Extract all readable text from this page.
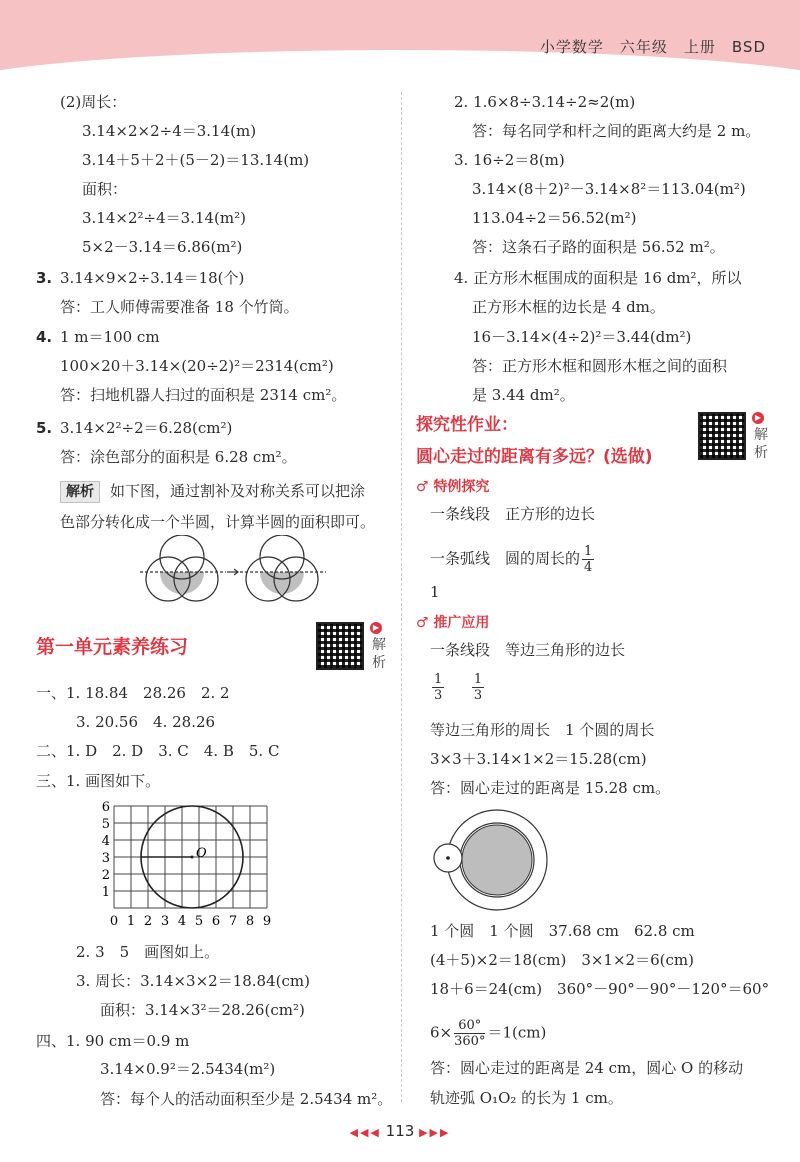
小学数学　六年级　上册　BSD
(2)周长：
3.14×2×2÷4＝3.14(m)
3.14＋5＋2＋(5－2)＝13.14(m)
面积：
3.14×2²÷4＝3.14(m²)
5×2－3.14＝6.86(m²)
3. 3.14×9×2÷3.14＝18(个)
答：工人师傅需要准备 18 个竹筒。
4. 1 m＝100 cm
100×20＋3.14×(20÷2)²＝2314(cm²)
答：扫地机器人扫过的面积是 2314 cm²。
5. 3.14×2²÷2＝6.28(cm²)
答：涂色部分的面积是 6.28 cm²。
解析 如下图，通过割补及对称关系可以把涂
色部分转化成一个半圆，计算半圆的面积即可。
第一单元素养练习
▶
解析
一、1. 18.84　28.26　2. 2
3. 20.56　4. 28.26
二、1. D　2. D　3. C　4. B　5. C
三、1. 画图如下。
O
6
5
4
3
2
1
0 1 2 3 4 5 6 7 8 9
2. 3　5　画图如上。
3. 周长：3.14×3×2＝18.84(cm)
面积：3.14×3²＝28.26(cm²)
四、1. 90 cm＝0.9 m
3.14×0.9²＝2.5434(m²)
答：每个人的活动面积至少是 2.5434 m²。
2. 1.6×8÷3.14÷2≈2(m)
答：每名同学和杆之间的距离大约是 2 m。
3. 16÷2＝8(m)
3.14×(8＋2)²－3.14×8²＝113.04(m²)
113.04÷2＝56.52(m²)
答：这条石子路的面积是 56.52 m²。
4. 正方形木框围成的面积是 16 dm²，所以
正方形木框的边长是 4 dm。
16－3.14×(4÷2)²＝3.44(dm²)
答：正方形木框和圆形木框之间的面积
是 3.44 dm²。
探究性作业：
圆心走过的距离有多远？(选做)
▶
解析
♂ 特例探究
一条线段　正方形的边长
一条弧线　圆的周长的 $\frac{1}{4}$
1
♂ 推广应用
一条线段　等边三角形的边长
$\frac{1}{3}$
$\frac{1}{3}$
等边三角形的周长　1 个圆的周长
3×3＋3.14×1×2＝15.28(cm)
答：圆心走过的距离是 15.28 cm。
1 个圆　1 个圆　37.68 cm　62.8 cm
(4＋5)×2＝18(cm)　3×1×2＝6(cm)
18＋6＝24(cm)　360°－90°－90°－120°＝60°
$6\times \frac{60^\circ}{360^\circ} =1(cm)$
答：圆心走过的距离是 24 cm，圆心 O 的移动
轨迹弧 O₁O₂ 的长为 1 cm。
◀◀◀ 113 ▶▶▶
